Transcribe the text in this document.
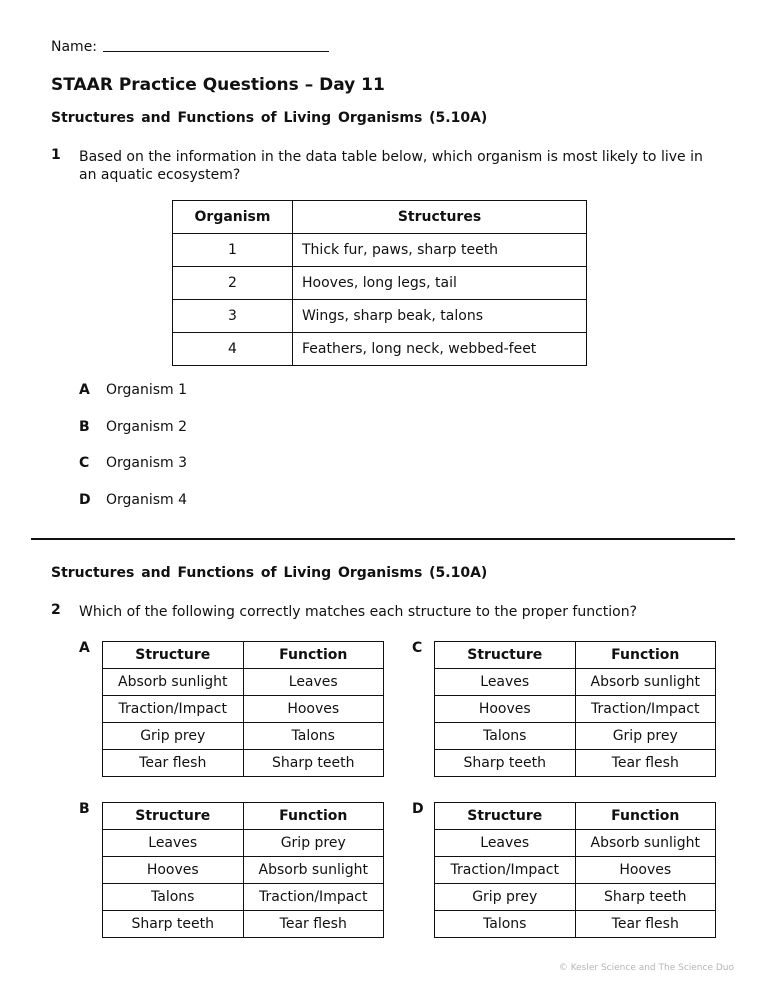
Name:
STAAR Practice Questions – Day 11
Structures and Functions of Living Organisms (5.10A)
1 Based on the information in the data table below, which organism is most likely to live in an aquatic ecosystem?
Organism	Structures
1	Thick fur, paws, sharp teeth
2	Hooves, long legs, tail
3	Wings, sharp beak, talons
4	Feathers, long neck, webbed-feet
A Organism 1
B Organism 2
C Organism 3
D Organism 4
Structures and Functions of Living Organisms (5.10A)
2 Which of the following correctly matches each structure to the proper function?
A	Structure	Function
Absorb sunlight	Leaves
Traction/Impact	Hooves
Grip prey	Talons
Tear flesh	Sharp teeth
C	Structure	Function
Leaves	Absorb sunlight
Hooves	Traction/Impact
Talons	Grip prey
Sharp teeth	Tear flesh
B	Structure	Function
Leaves	Grip prey
Hooves	Absorb sunlight
Talons	Traction/Impact
Sharp teeth	Tear flesh
D	Structure	Function
Leaves	Absorb sunlight
Traction/Impact	Hooves
Grip prey	Sharp teeth
Talons	Tear flesh
© Kesler Science and The Science Duo
